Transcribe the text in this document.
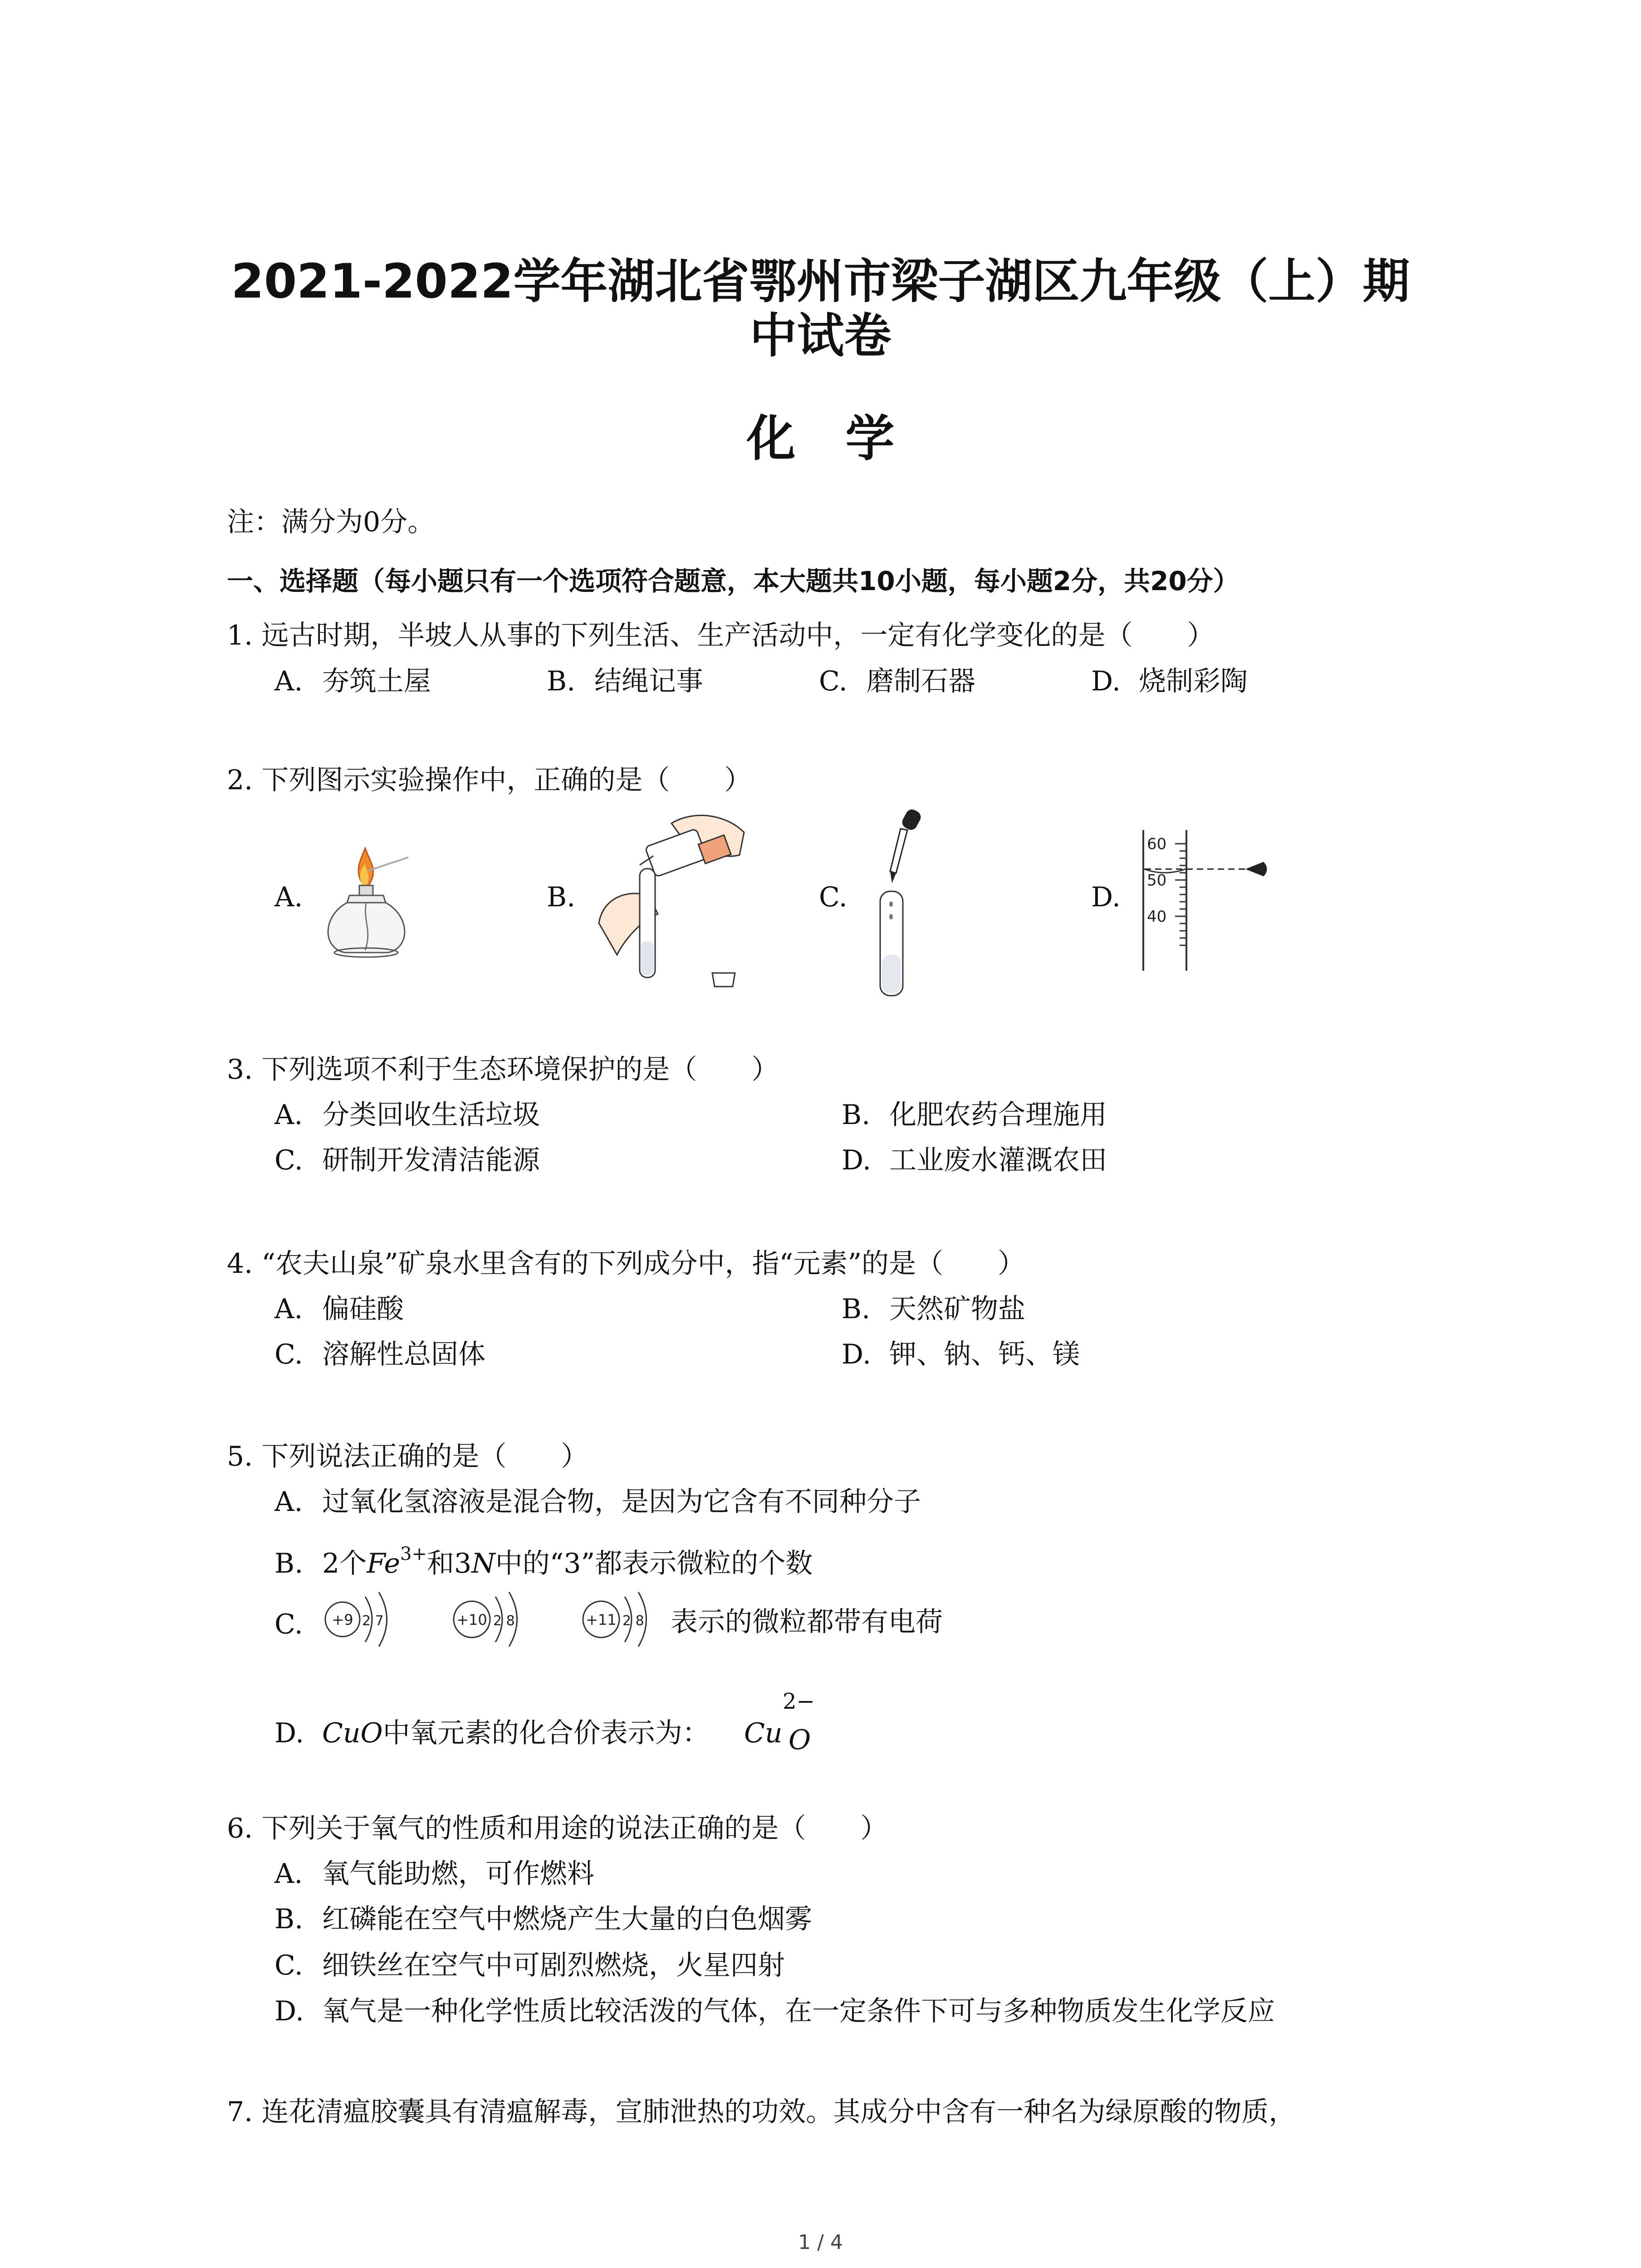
2021-2022学年湖北省鄂州市梁子湖区九年级（上）期
中试卷
化学
注：满分为0分。
一、选择题（每小题只有一个选项符合题意，本大题共10小题，每小题2分，共20分）
1. 远古时期，半坡人从事的下列生活、生产活动中，一定有化学变化的是（　　）
A. 夯筑土屋	B. 结绳记事	C. 磨制石器	D. 烧制彩陶
2. 下列图示实验操作中，正确的是（　　）
A.	B.	C.	D.
60
50
40
3. 下列选项不利于生态环境保护的是（　　）
A. 分类回收生活垃圾	B. 化肥农药合理施用
C. 研制开发清洁能源	D. 工业废水灌溉农田
4. “农夫山泉”矿泉水里含有的下列成分中，指“元素”的是（　　）
A. 偏硅酸	B. 天然矿物盐
C. 溶解性总固体	D. 钾、钠、钙、镁
5. 下列说法正确的是（　　）
A. 过氧化氢溶液是混合物，是因为它含有不同种分子
B. 2个$Fe^{3+}$和3N中的“3”都表示微粒的个数
C. +9 2 7	+10 2 8	+11 2 8 表示的微粒都带有电荷
D. CuO中氧元素的化合价表示为： Cu O
2−
6. 下列关于氧气的性质和用途的说法正确的是（　　）
A. 氧气能助燃，可作燃料
B. 红磷能在空气中燃烧产生大量的白色烟雾
C. 细铁丝在空气中可剧烈燃烧，火星四射
D. 氧气是一种化学性质比较活泼的气体，在一定条件下可与多种物质发生化学反应
7. 连花清瘟胶囊具有清瘟解毒，宣肺泄热的功效。其成分中含有一种名为绿原酸的物质，
1 / 4
